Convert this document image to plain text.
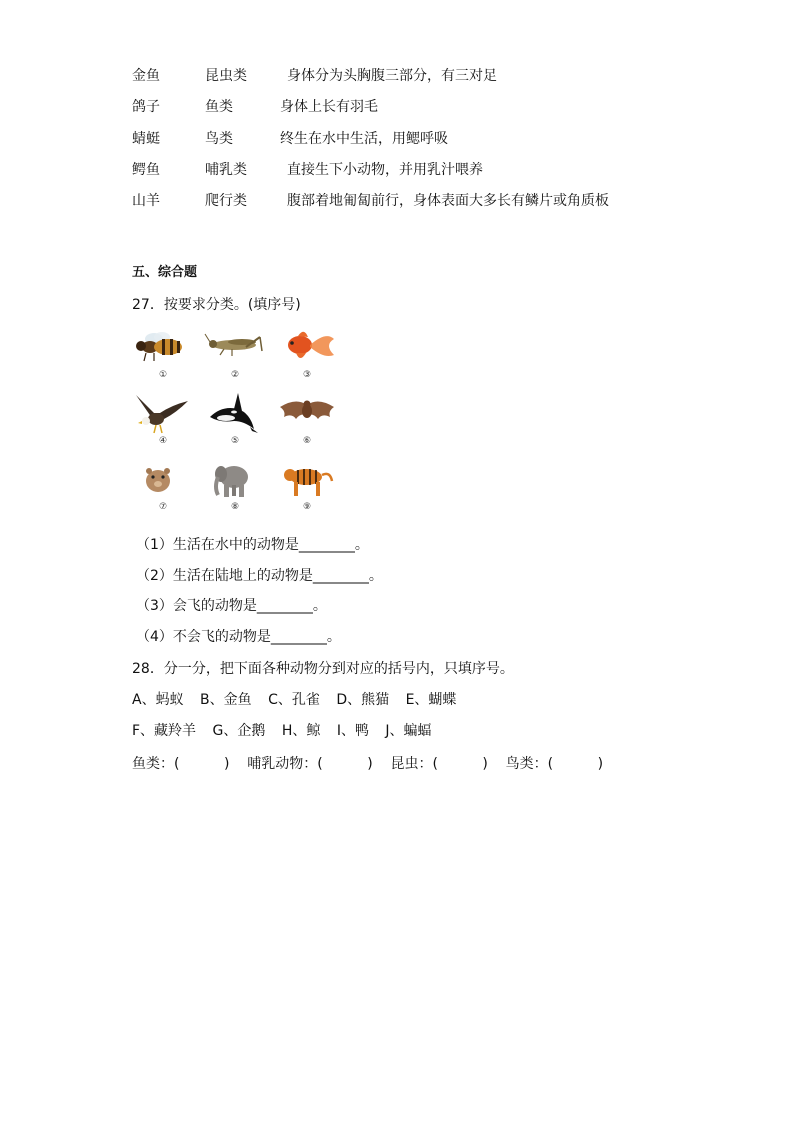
金鱼	昆虫类	身体分为头胸腹三部分，有三对足
鸽子	鱼类	身体上长有羽毛
蜻蜓	鸟类	终生在水中生活，用鳃呼吸
鳄鱼	哺乳类	直接生下小动物，并用乳汁喂养
山羊	爬行类	腹部着地匍匐前行，身体表面大多长有鳞片或角质板
五、综合题
27．按要求分类。(填序号)
①	②	③
④	⑤	⑥
⑦	⑧	⑨
（1）生活在水中的动物是________。
（2）生活在陆地上的动物是________。
（3）会飞的动物是________。
（4）不会飞的动物是________。
28．分一分，把下面各种动物分到对应的括号内，只填序号。
A、蚂蚁 B、金鱼 C、孔雀 D、熊猫 E、蝴蝶
F、藏羚羊 G、企鹅 H、鲸 I、鸭 J、蝙蝠
鱼类：(          )    哺乳动物：(          )    昆虫：(          )    鸟类：(          )
